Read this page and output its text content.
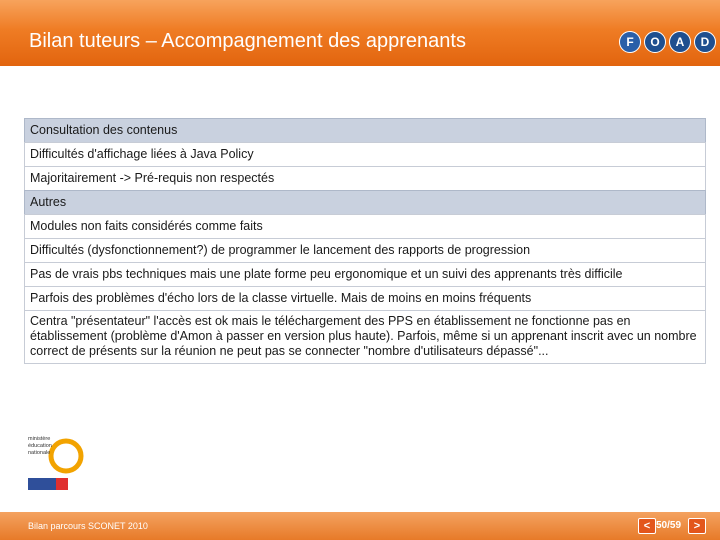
Bilan tuteurs – Accompagnement des apprenants	F	O	A	D
Consultation des contenus
Difficultés d'affichage liées à Java Policy
Majoritairement -> Pré-requis non respectés
Autres
Modules non faits considérés comme faits
Difficultés (dysfonctionnement?) de programmer le lancement des rapports de progression
Pas de vrais pbs techniques mais une plate forme peu ergonomique et un suivi des apprenants très difficile
Parfois des problèmes d'écho lors de la classe virtuelle. Mais de moins en moins fréquents
Centra "présentateur" l'accès est ok mais le téléchargement des PPS en établissement ne fonctionne pas en établissement (problème d'Amon à passer en version plus haute). Parfois, même si un apprenant inscrit avec un nombre correct de présents sur la réunion ne peut pas se connecter "nombre d'utilisateurs dépassé"...
ministère
éducation
nationale
Bilan parcours SCONET 2010	< 50/59	>
